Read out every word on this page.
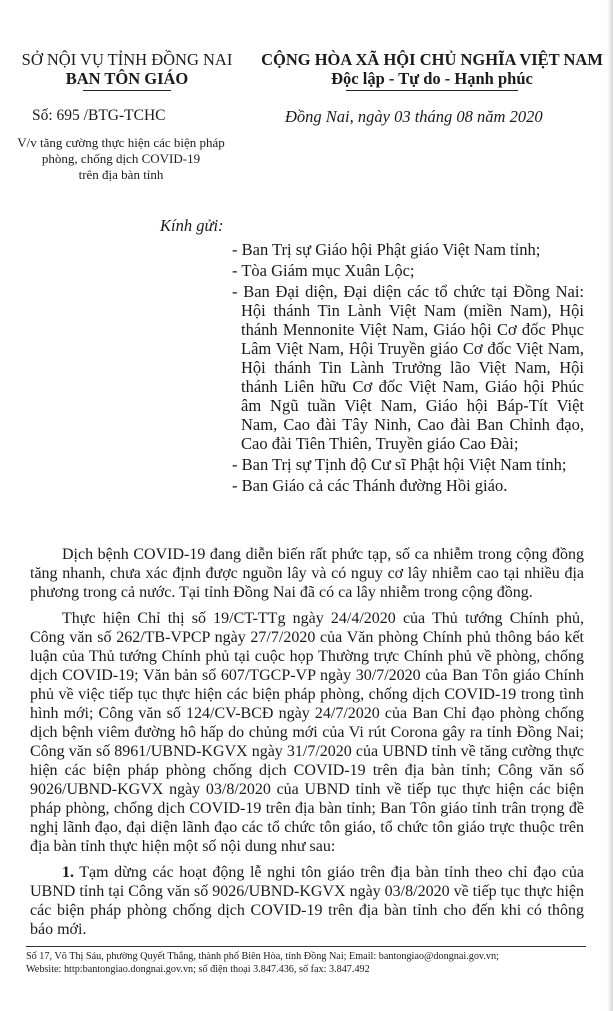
SỞ NỘI VỤ TỈNH ĐỒNG NAI
BAN TÔN GIÁO
CỘNG HÒA XÃ HỘI CHỦ NGHĨA VIỆT NAM
Độc lập - Tự do - Hạnh phúc
Số: 695 /BTG-TCHC	Đồng Nai, ngày 03 tháng 08 năm 2020
V/v tăng cường thực hiện các biện pháp
phòng, chống dịch COVID-19
trên địa bàn tỉnh
Kính gửi:
- Ban Trị sự Giáo hội Phật giáo Việt Nam tỉnh;
- Tòa Giám mục Xuân Lộc;
- Ban Đại diện, Đại diện các tổ chức tại Đồng Nai: Hội thánh Tin Lành Việt Nam (miền Nam), Hội thánh Mennonite Việt Nam, Giáo hội Cơ đốc Phục Lâm Việt Nam, Hội Truyền giáo Cơ đốc Việt Nam, Hội thánh Tin Lành Trưởng lão Việt Nam, Hội thánh Liên hữu Cơ đốc Việt Nam, Giáo hội Phúc âm Ngũ tuần Việt Nam, Giáo hội Báp-Tít Việt Nam, Cao đài Tây Ninh, Cao đài Ban Chỉnh đạo, Cao đài Tiên Thiên, Truyền giáo Cao Đài;
- Ban Trị sự Tịnh độ Cư sĩ Phật hội Việt Nam tỉnh;
- Ban Giáo cả các Thánh đường Hồi giáo.

Dịch bệnh COVID-19 đang diễn biến rất phức tạp, số ca nhiễm trong cộng đồng tăng nhanh, chưa xác định được nguồn lây và có nguy cơ lây nhiễm cao tại nhiều địa phương trong cả nước. Tại tỉnh Đồng Nai đã có ca lây nhiễm trong cộng đồng.

Thực hiện Chỉ thị số 19/CT-TTg ngày 24/4/2020 của Thủ tướng Chính phủ, Công văn số 262/TB-VPCP ngày 27/7/2020 của Văn phòng Chính phủ thông báo kết luận của Thủ tướng Chính phủ tại cuộc họp Thường trực Chính phủ về phòng, chống dịch COVID-19; Văn bản số 607/TGCP-VP ngày 30/7/2020 của Ban Tôn giáo Chính phủ về việc tiếp tục thực hiện các biện pháp phòng, chống dịch COVID-19 trong tình hình mới; Công văn số 124/CV-BCĐ ngày 24/7/2020 của Ban Chỉ đạo phòng chống dịch bệnh viêm đường hô hấp do chủng mới của Vi rút Corona gây ra tỉnh Đồng Nai; Công văn số 8961/UBND-KGVX ngày 31/7/2020 của UBND tỉnh về tăng cường thực hiện các biện pháp phòng chống dịch COVID-19 trên địa bàn tỉnh; Công văn số 9026/UBND-KGVX ngày 03/8/2020 của UBND tỉnh về tiếp tục thực hiện các biện pháp phòng, chống dịch COVID-19 trên địa bàn tỉnh; Ban Tôn giáo tỉnh trân trọng đề nghị lãnh đạo, đại diện lãnh đạo các tổ chức tôn giáo, tổ chức tôn giáo trực thuộc trên địa bàn tỉnh thực hiện một số nội dung như sau:

1. Tạm dừng các hoạt động lễ nghi tôn giáo trên địa bàn tỉnh theo chỉ đạo của UBND tỉnh tại Công văn số 9026/UBND-KGVX ngày 03/8/2020 về tiếp tục thực hiện các biện pháp phòng chống dịch COVID-19 trên địa bàn tỉnh cho đến khi có thông báo mới.

Số 17, Võ Thị Sáu, phường Quyết Thắng, thành phố Biên Hòa, tỉnh Đồng Nai; Email: bantongiao@dongnai.gov.vn;
Website: http:bantongiao.dongnai.gov.vn; số điện thoại 3.847.436, số fax: 3.847.492
